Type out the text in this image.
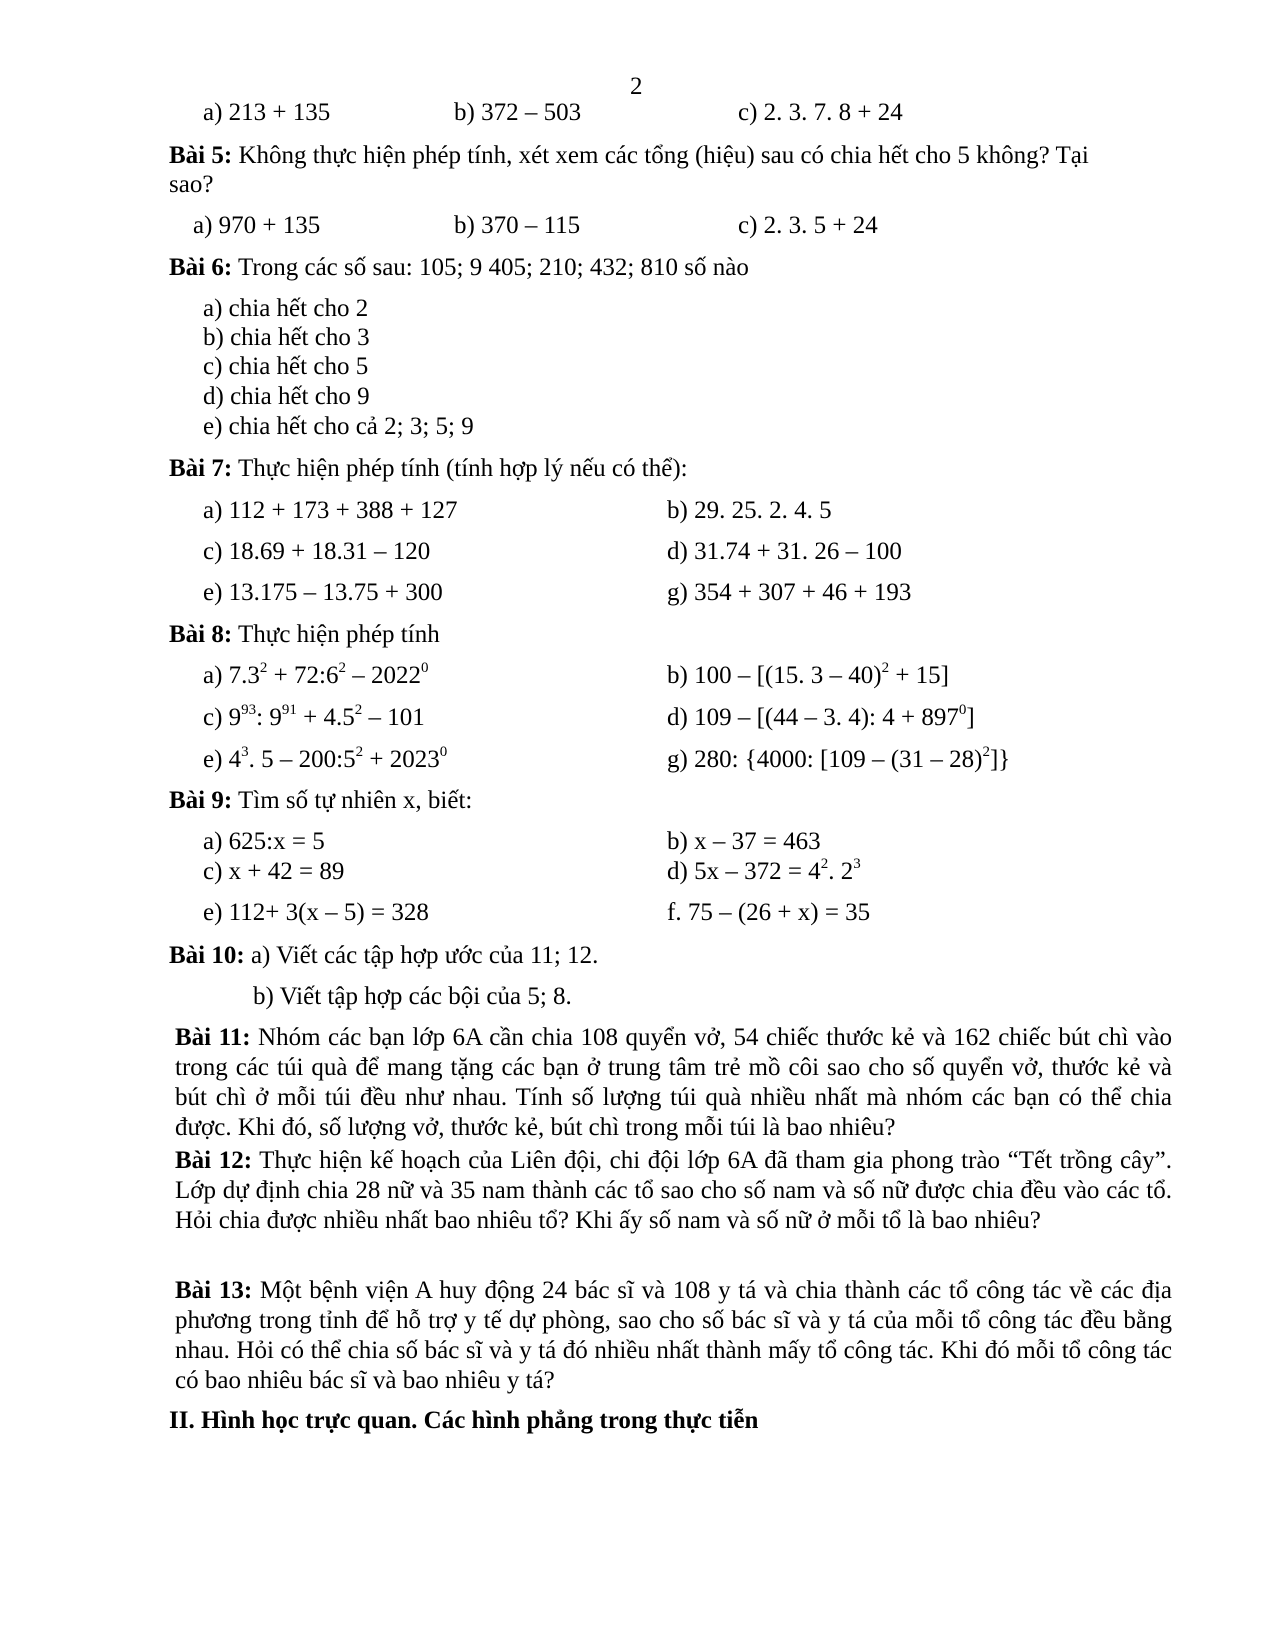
2
a) 213 + 135	b) 372 – 503	c) 2. 3. 7. 8 + 24
Bài 5: Không thực hiện phép tính, xét xem các tổng (hiệu) sau có chia hết cho 5 không? Tại
sao?
a) 970 + 135	b) 370 – 115	c) 2. 3. 5 + 24
Bài 6: Trong các số sau: 105; 9 405; 210; 432; 810 số nào
a) chia hết cho 2
b) chia hết cho 3
c) chia hết cho 5
d) chia hết cho 9
e) chia hết cho cả 2; 3; 5; 9
Bài 7: Thực hiện phép tính (tính hợp lý nếu có thể):
a) 112 + 173 + 388 + 127	b) 29. 25. 2. 4. 5
c) 18.69 + 18.31 – 120	d) 31.74 + 31. 26 – 100
e) 13.175 – 13.75 + 300	g) 354 + 307 + 46 + 193
Bài 8: Thực hiện phép tính
a) $7.3^2$ + $72:6^2 - 2022^0$	b) 100 – [(15. 3 – 40)$^2$ + 15]
c) $9^{93}$: $9^{91} + 4.5^2 - 101$	d) 109 – [(44 – 3. 4): $4 + 897^0$]
e) $4^3$. $5 - 200:5^2 + 2023^0$	g) 280: {4000: [109 – (31 – 28)$^2$]}
Bài 9: Tìm số tự nhiên x, biết:
a) 625:x = 5	b) x – 37 = 463
c) x + 42 = 89	d) $5x - 372 = 4^2$. $2^3$
e) 112+ 3(x – 5) = 328	f. 75 – (26 + x) = 35
Bài 10: a) Viết các tập hợp ước của 11; 12.
b) Viết tập hợp các bội của 5; 8.
Bài 11: Nhóm các bạn lớp 6A cần chia 108 quyển vở, 54 chiếc thước kẻ và 162 chiếc bút chì vào trong các túi quà để mang tặng các bạn ở trung tâm trẻ mồ côi sao cho số quyển vở, thước kẻ và bút chì ở mỗi túi đều như nhau. Tính số lượng túi quà nhiều nhất mà nhóm các bạn có thể chia được. Khi đó, số lượng vở, thước kẻ, bút chì trong mỗi túi là bao nhiêu?
Bài 12: Thực hiện kế hoạch của Liên đội, chi đội lớp 6A đã tham gia phong trào “Tết trồng cây”. Lớp dự định chia 28 nữ và 35 nam thành các tổ sao cho số nam và số nữ được chia đều vào các tổ. Hỏi chia được nhiều nhất bao nhiêu tổ? Khi ấy số nam và số nữ ở mỗi tổ là bao nhiêu?
Bài 13: Một bệnh viện A huy động 24 bác sĩ và 108 y tá và chia thành các tổ công tác về các địa phương trong tỉnh để hỗ trợ y tế dự phòng, sao cho số bác sĩ và y tá của mỗi tổ công tác đều bằng nhau. Hỏi có thể chia số bác sĩ và y tá đó nhiều nhất thành mấy tổ công tác. Khi đó mỗi tổ công tác có bao nhiêu bác sĩ và bao nhiêu y tá?
II. Hình học trực quan. Các hình phẳng trong thực tiễn
